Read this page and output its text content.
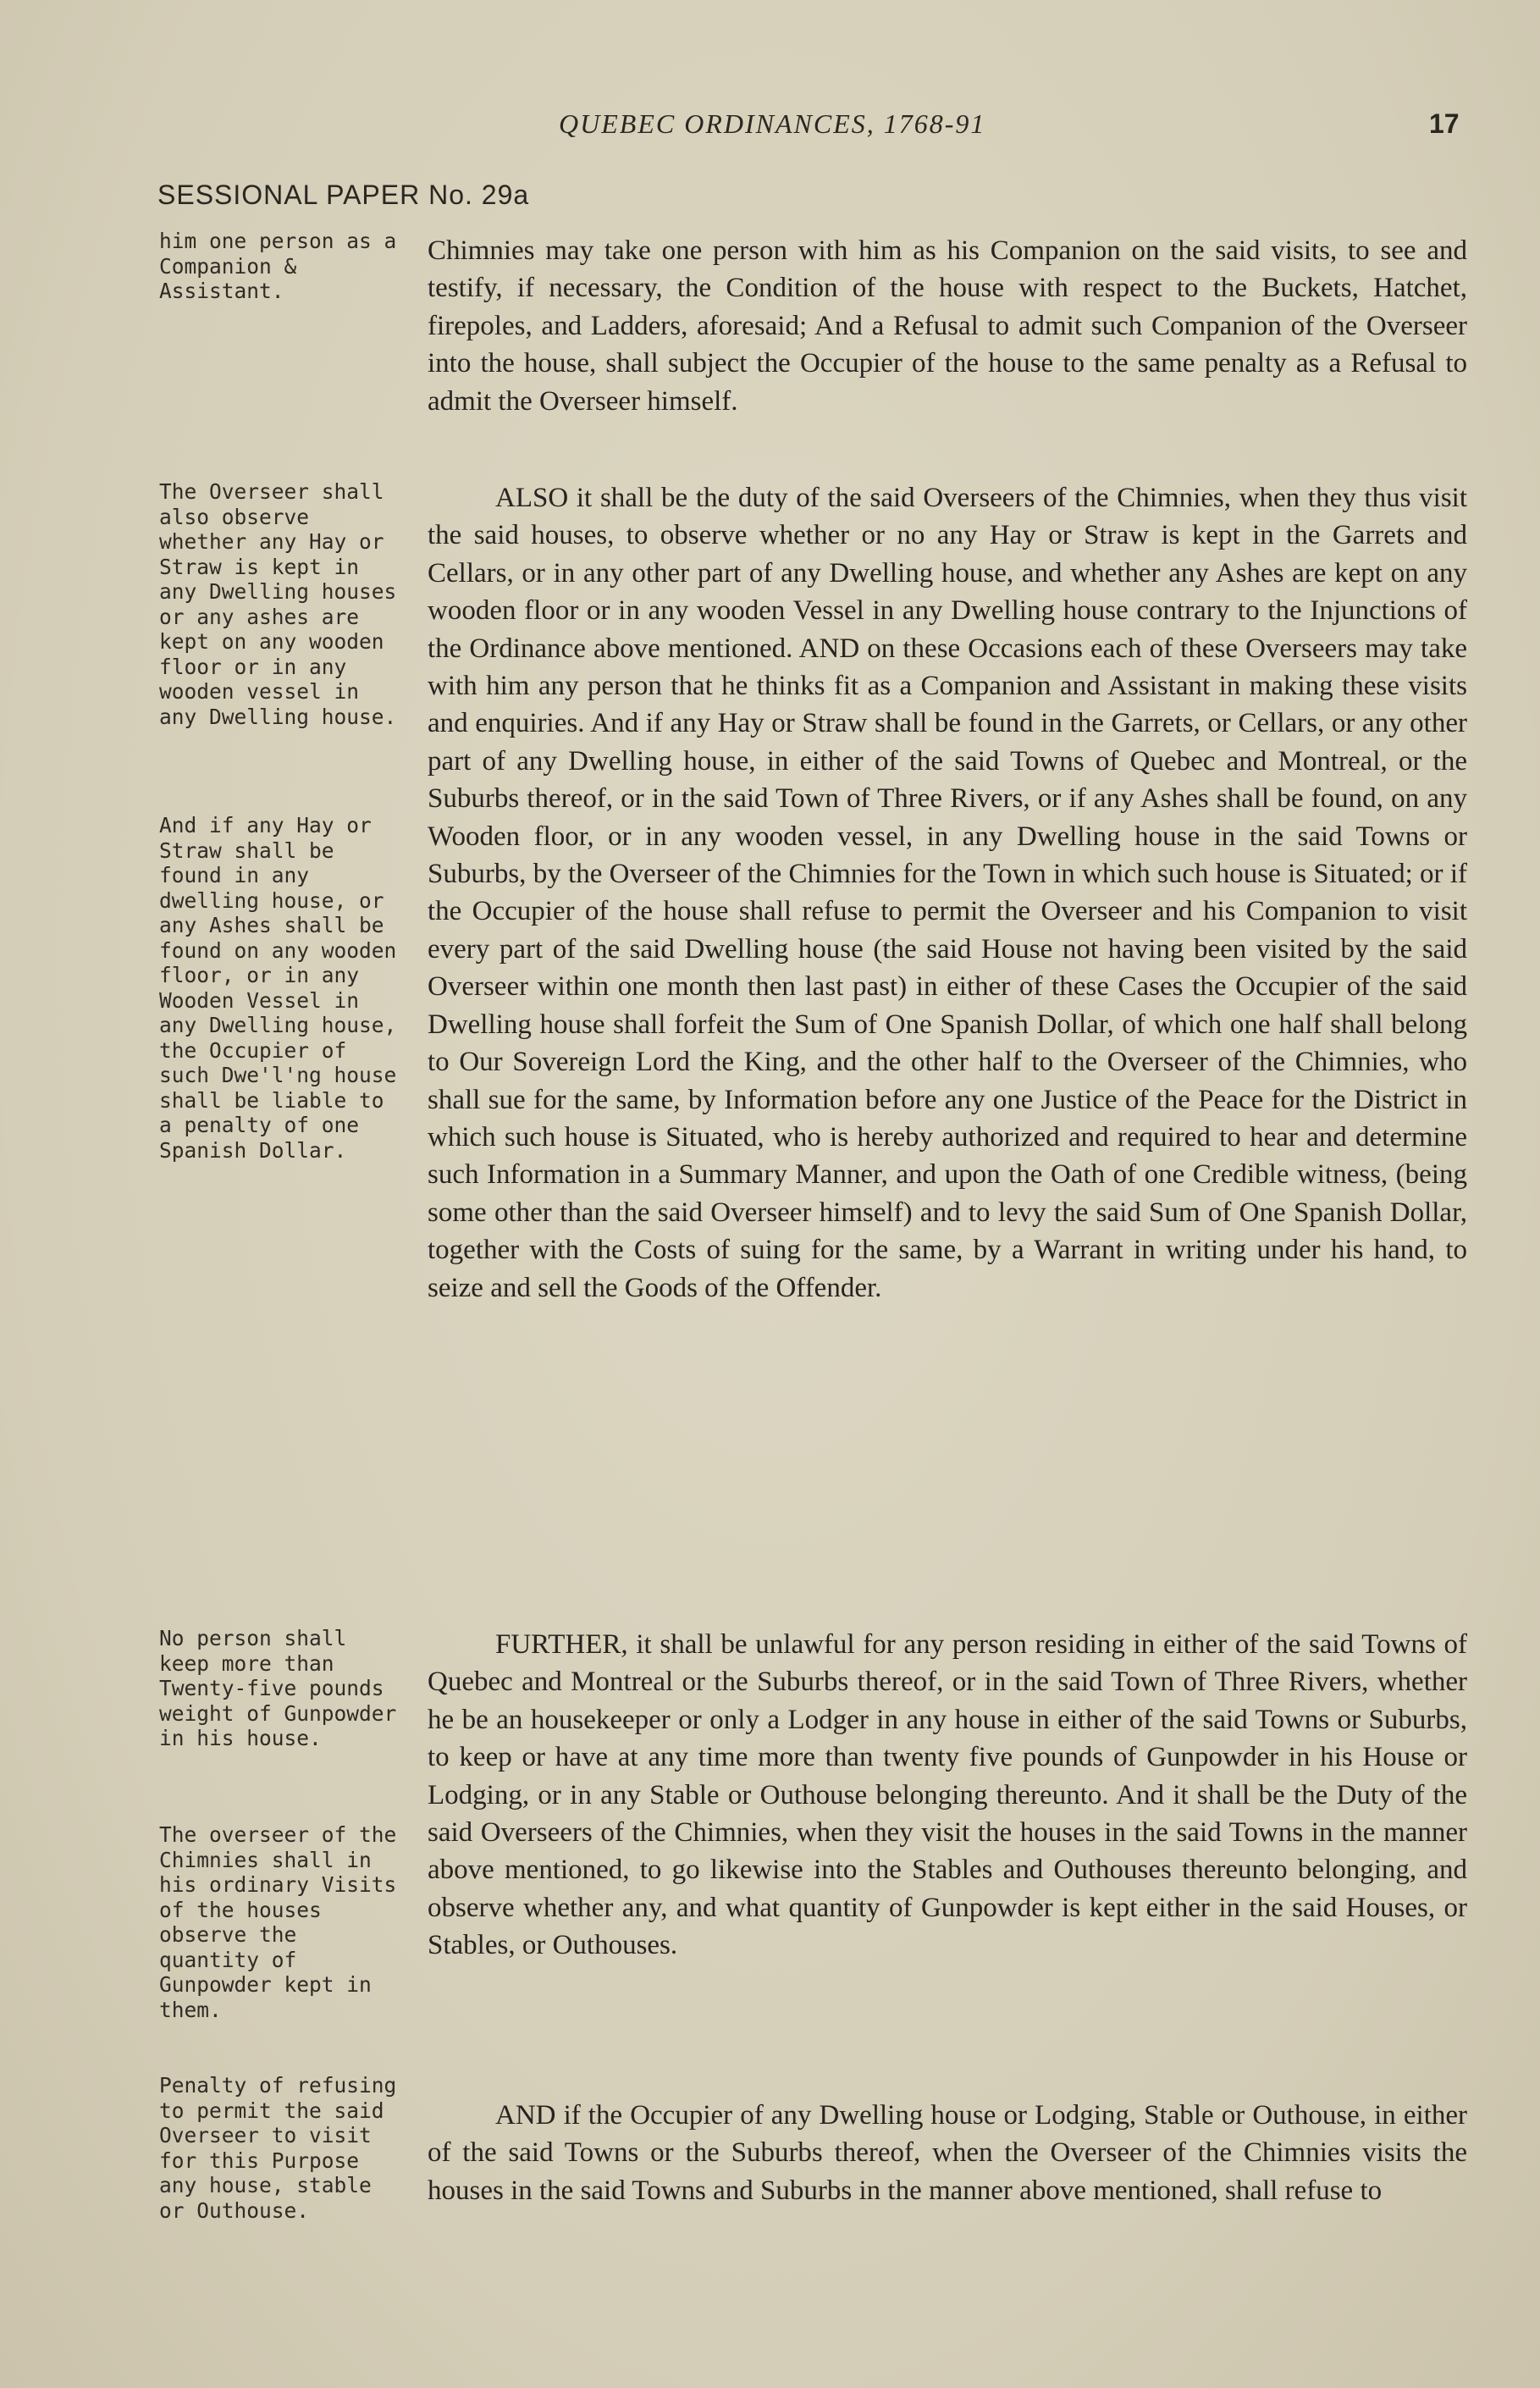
QUEBEC ORDINANCES, 1768-91	17
SESSIONAL PAPER No. 29a
him one person as a Companion & Assistant.
The Overseer shall also observe whether any Hay or Straw is kept in any Dwelling houses or any ashes are kept on any wooden floor or in any wooden vessel in any Dwelling house.
And if any Hay or Straw shall be found in any dwelling house, or any Ashes shall be found on any wooden floor, or in any Wooden Vessel in any Dwelling house, the Occupier of such Dwe'l'ng house shall be liable to a penalty of one Spanish Dollar.
No person shall keep more than Twenty-five pounds weight of Gunpowder in his house.
The overseer of the Chimnies shall in his ordinary Visits of the houses observe the quantity of Gunpowder kept in them.
Penalty of refusing to permit the said Overseer to visit for this Purpose any house, stable or Outhouse.
Chimnies may take one person with him as his Companion on the said visits, to see and testify, if necessary, the Condition of the house with respect to the Buckets, Hatchet, firepoles, and Ladders, aforesaid; And a Refusal to admit such Companion of the Overseer into the house, shall subject the Occupier of the house to the same penalty as a Refusal to admit the Overseer himself.
ALSO it shall be the duty of the said Overseers of the Chimnies, when they thus visit the said houses, to observe whether or no any Hay or Straw is kept in the Garrets and Cellars, or in any other part of any Dwelling house, and whether any Ashes are kept on any wooden floor or in any wooden Vessel in any Dwelling house contrary to the Injunctions of the Ordinance above mentioned. AND on these Occasions each of these Overseers may take with him any person that he thinks fit as a Companion and Assistant in making these visits and enquiries. And if any Hay or Straw shall be found in the Garrets, or Cellars, or any other part of any Dwelling house, in either of the said Towns of Quebec and Montreal, or the Suburbs thereof, or in the said Town of Three Rivers, or if any Ashes shall be found, on any Wooden floor, or in any wooden vessel, in any Dwelling house in the said Towns or Suburbs, by the Overseer of the Chimnies for the Town in which such house is Situated; or if the Occupier of the house shall refuse to permit the Overseer and his Companion to visit every part of the said Dwelling house (the said House not having been visited by the said Overseer within one month then last past) in either of these Cases the Occupier of the said Dwelling house shall forfeit the Sum of One Spanish Dollar, of which one half shall belong to Our Sovereign Lord the King, and the other half to the Overseer of the Chimnies, who shall sue for the same, by Information before any one Justice of the Peace for the District in which such house is Situated, who is hereby authorized and required to hear and determine such Information in a Summary Manner, and upon the Oath of one Credible witness, (being some other than the said Overseer himself) and to levy the said Sum of One Spanish Dollar, together with the Costs of suing for the same, by a Warrant in writing under his hand, to seize and sell the Goods of the Offender.
FURTHER, it shall be unlawful for any person residing in either of the said Towns of Quebec and Montreal or the Suburbs thereof, or in the said Town of Three Rivers, whether he be an housekeeper or only a Lodger in any house in either of the said Towns or Suburbs, to keep or have at any time more than twenty five pounds of Gunpowder in his House or Lodging, or in any Stable or Outhouse belonging thereunto. And it shall be the Duty of the said Overseers of the Chimnies, when they visit the houses in the said Towns in the manner above mentioned, to go likewise into the Stables and Outhouses thereunto belonging, and observe whether any, and what quantity of Gunpowder is kept either in the said Houses, or Stables, or Outhouses.
AND if the Occupier of any Dwelling house or Lodging, Stable or Outhouse, in either of the said Towns or the Suburbs thereof, when the Overseer of the Chimnies visits the houses in the said Towns and Suburbs in the manner above mentioned, shall refuse to
